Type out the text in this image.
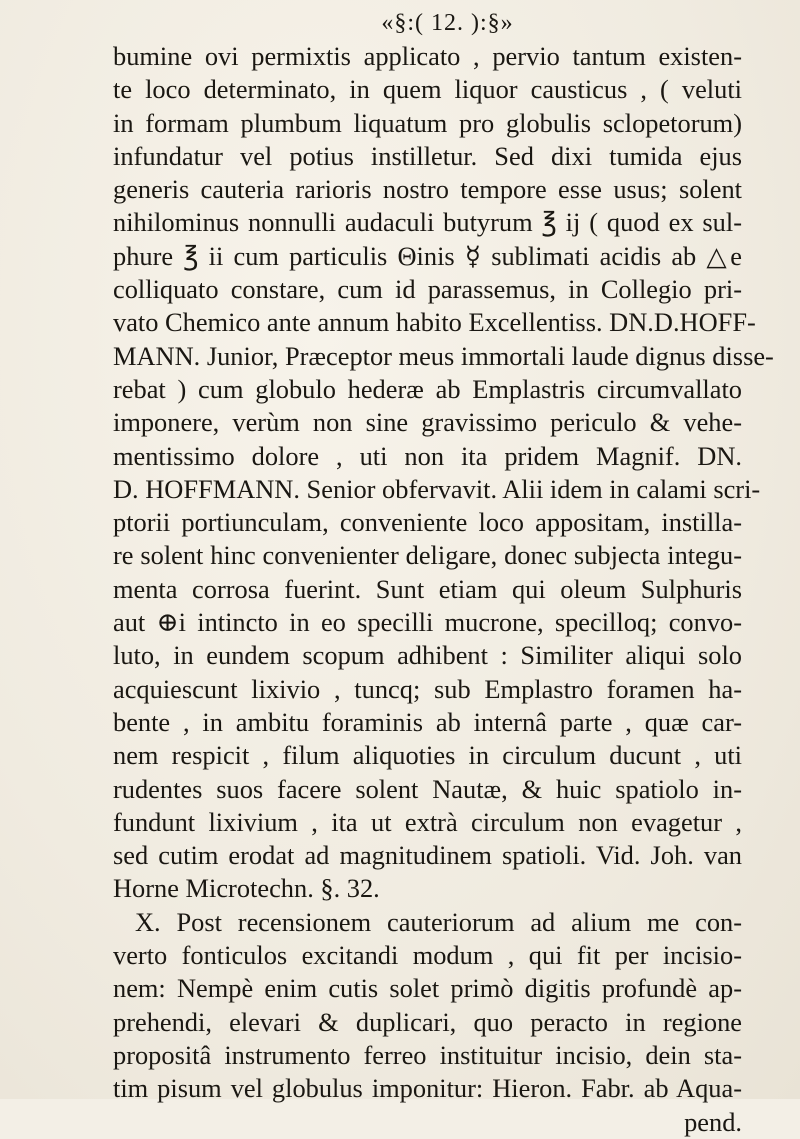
«§:( 12. ):§»
bumine ovi permixtis applicato , pervio tantum existen-
te loco determinato, in quem liquor causticus , ( veluti
in formam plumbum liquatum pro globulis sclopetorum)
infundatur vel potius instilletur. Sed dixi tumida ejus
generis cauteria rarioris nostro tempore esse usus; solent
nihilominus nonnulli audaculi butyrum ℥ ij ( quod ex sul-
phure ℥ ii cum particulis Θinis ☿ sublimati acidis ab △e
colliquato constare, cum id parassemus, in Collegio pri-
vato Chemico ante annum habito Excellentiss. DN.D.HOFF-
MANN. Junior, Præceptor meus immortali laude dignus disse-
rebat ) cum globulo hederæ ab Emplastris circumvallato
imponere, verùm non sine gravissimo periculo & vehe-
mentissimo dolore , uti non ita pridem Magnif. DN.
D. HOFFMANN. Senior obfervavit. Alii idem in calami scri-
ptorii portiunculam, conveniente loco appositam, instilla-
re solent hinc convenienter deligare, donec subjecta integu-
menta corrosa fuerint. Sunt etiam qui oleum Sulphuris
aut ⊕i intincto in eo specilli mucrone, specilloq; convo-
luto, in eundem scopum adhibent : Similiter aliqui solo
acquiescunt lixivio , tuncq; sub Emplastro foramen ha-
bente , in ambitu foraminis ab internâ parte , quæ car-
nem respicit , filum aliquoties in circulum ducunt , uti
rudentes suos facere solent Nautæ, & huic spatiolo in-
fundunt lixivium , ita ut extrà circulum non evagetur ,
sed cutim erodat ad magnitudinem spatioli. Vid. Joh. van
Horne Microtechn. §. 32.
X. Post recensionem cauteriorum ad alium me con-
verto fonticulos excitandi modum , qui fit per incisio-
nem: Nempè enim cutis solet primò digitis profundè ap-
prehendi, elevari & duplicari, quo peracto in regione
propositâ instrumento ferreo instituitur incisio, dein sta-
tim pisum vel globulus imponitur: Hieron. Fabr. ab Aqua-
pend.
